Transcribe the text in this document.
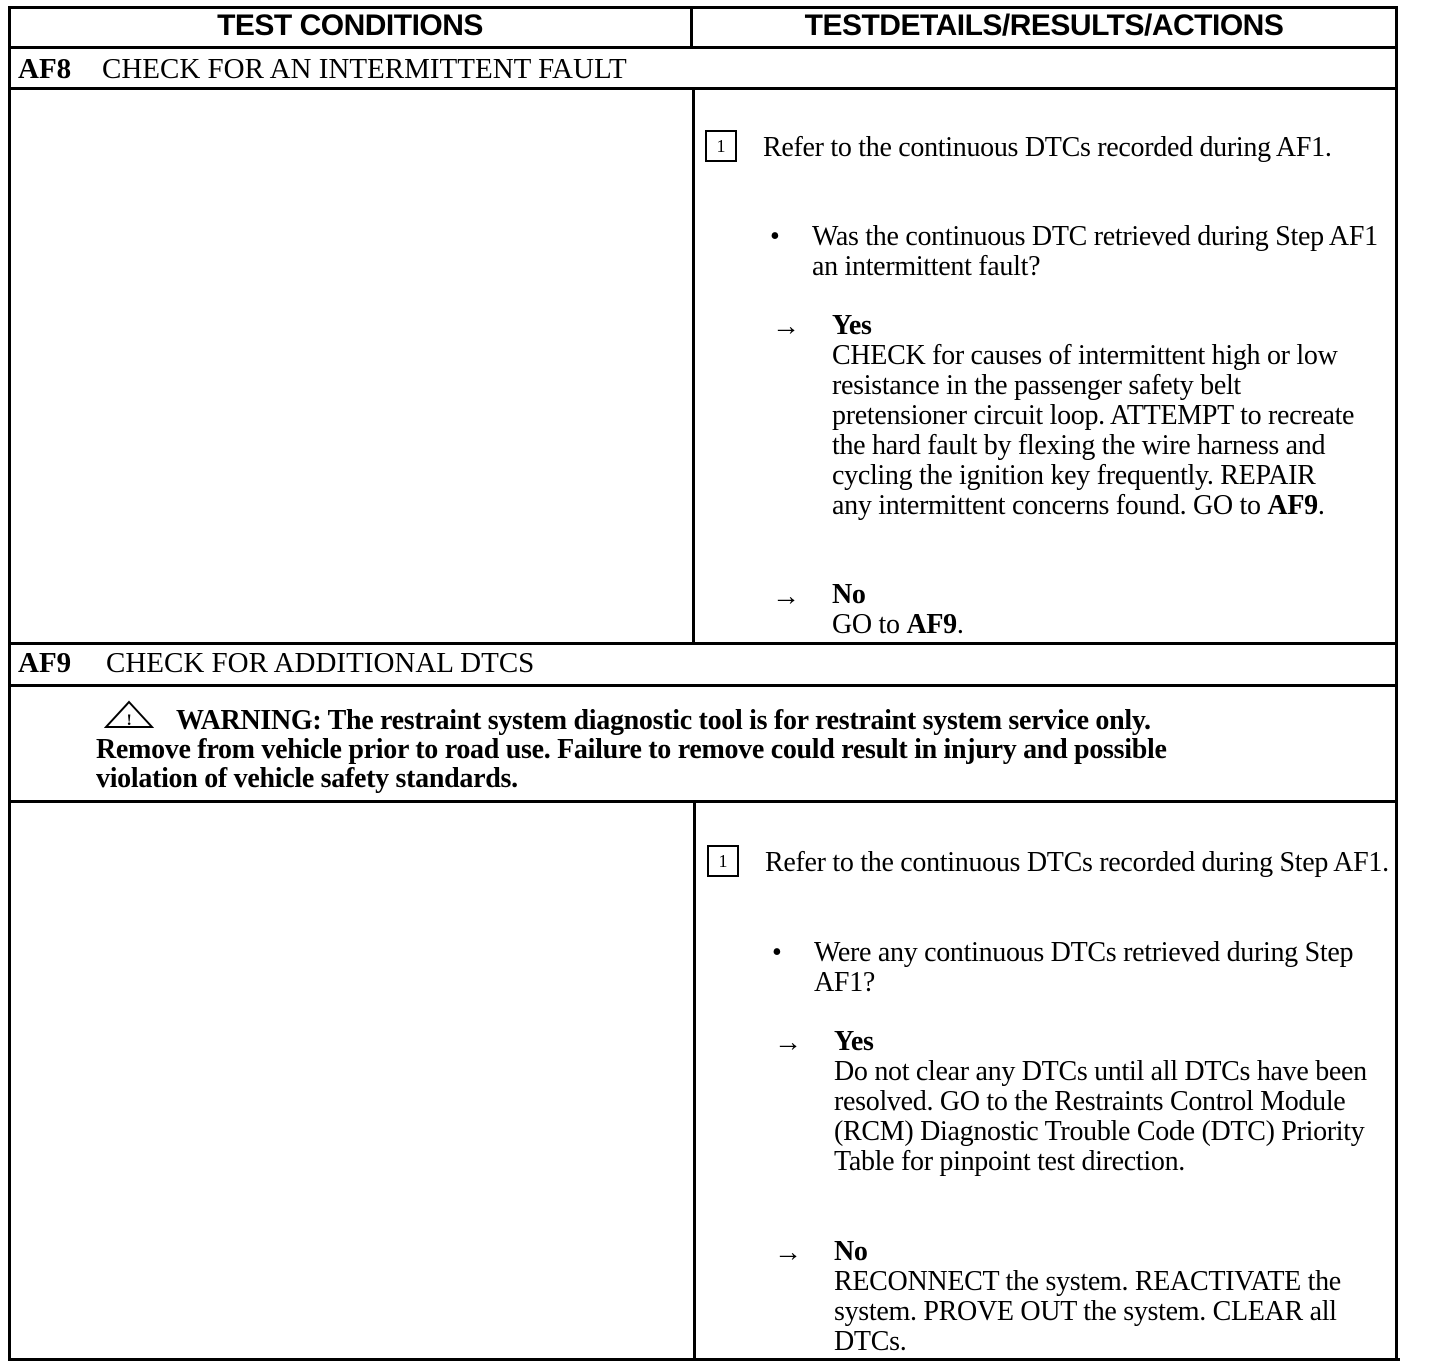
TEST CONDITIONS	TESTDETAILS/RESULTS/ACTIONS
AF8 CHECK FOR AN INTERMITTENT FAULT
1	Refer to the continuous DTCs recorded during AF1.
• Was the continuous DTC retrieved during Step AF1 an intermittent fault?
→ Yes
CHECK for causes of intermittent high or low resistance in the passenger safety belt pretensioner circuit loop. ATTEMPT to recreate the hard fault by flexing the wire harness and cycling the ignition key frequently. REPAIR any intermittent concerns found. GO to AF9.
→ No
GO to AF9.
AF9 CHECK FOR ADDITIONAL DTCS
! WARNING: The restraint system diagnostic tool is for restraint system service only.
Remove from vehicle prior to road use. Failure to remove could result in injury and possible
violation of vehicle safety standards.
1	Refer to the continuous DTCs recorded during Step AF1.
• Were any continuous DTCs retrieved during Step AF1?
→ Yes
Do not clear any DTCs until all DTCs have been resolved. GO to the Restraints Control Module (RCM) Diagnostic Trouble Code (DTC) Priority Table for pinpoint test direction.
→ No
RECONNECT the system. REACTIVATE the system. PROVE OUT the system. CLEAR all DTCs.
